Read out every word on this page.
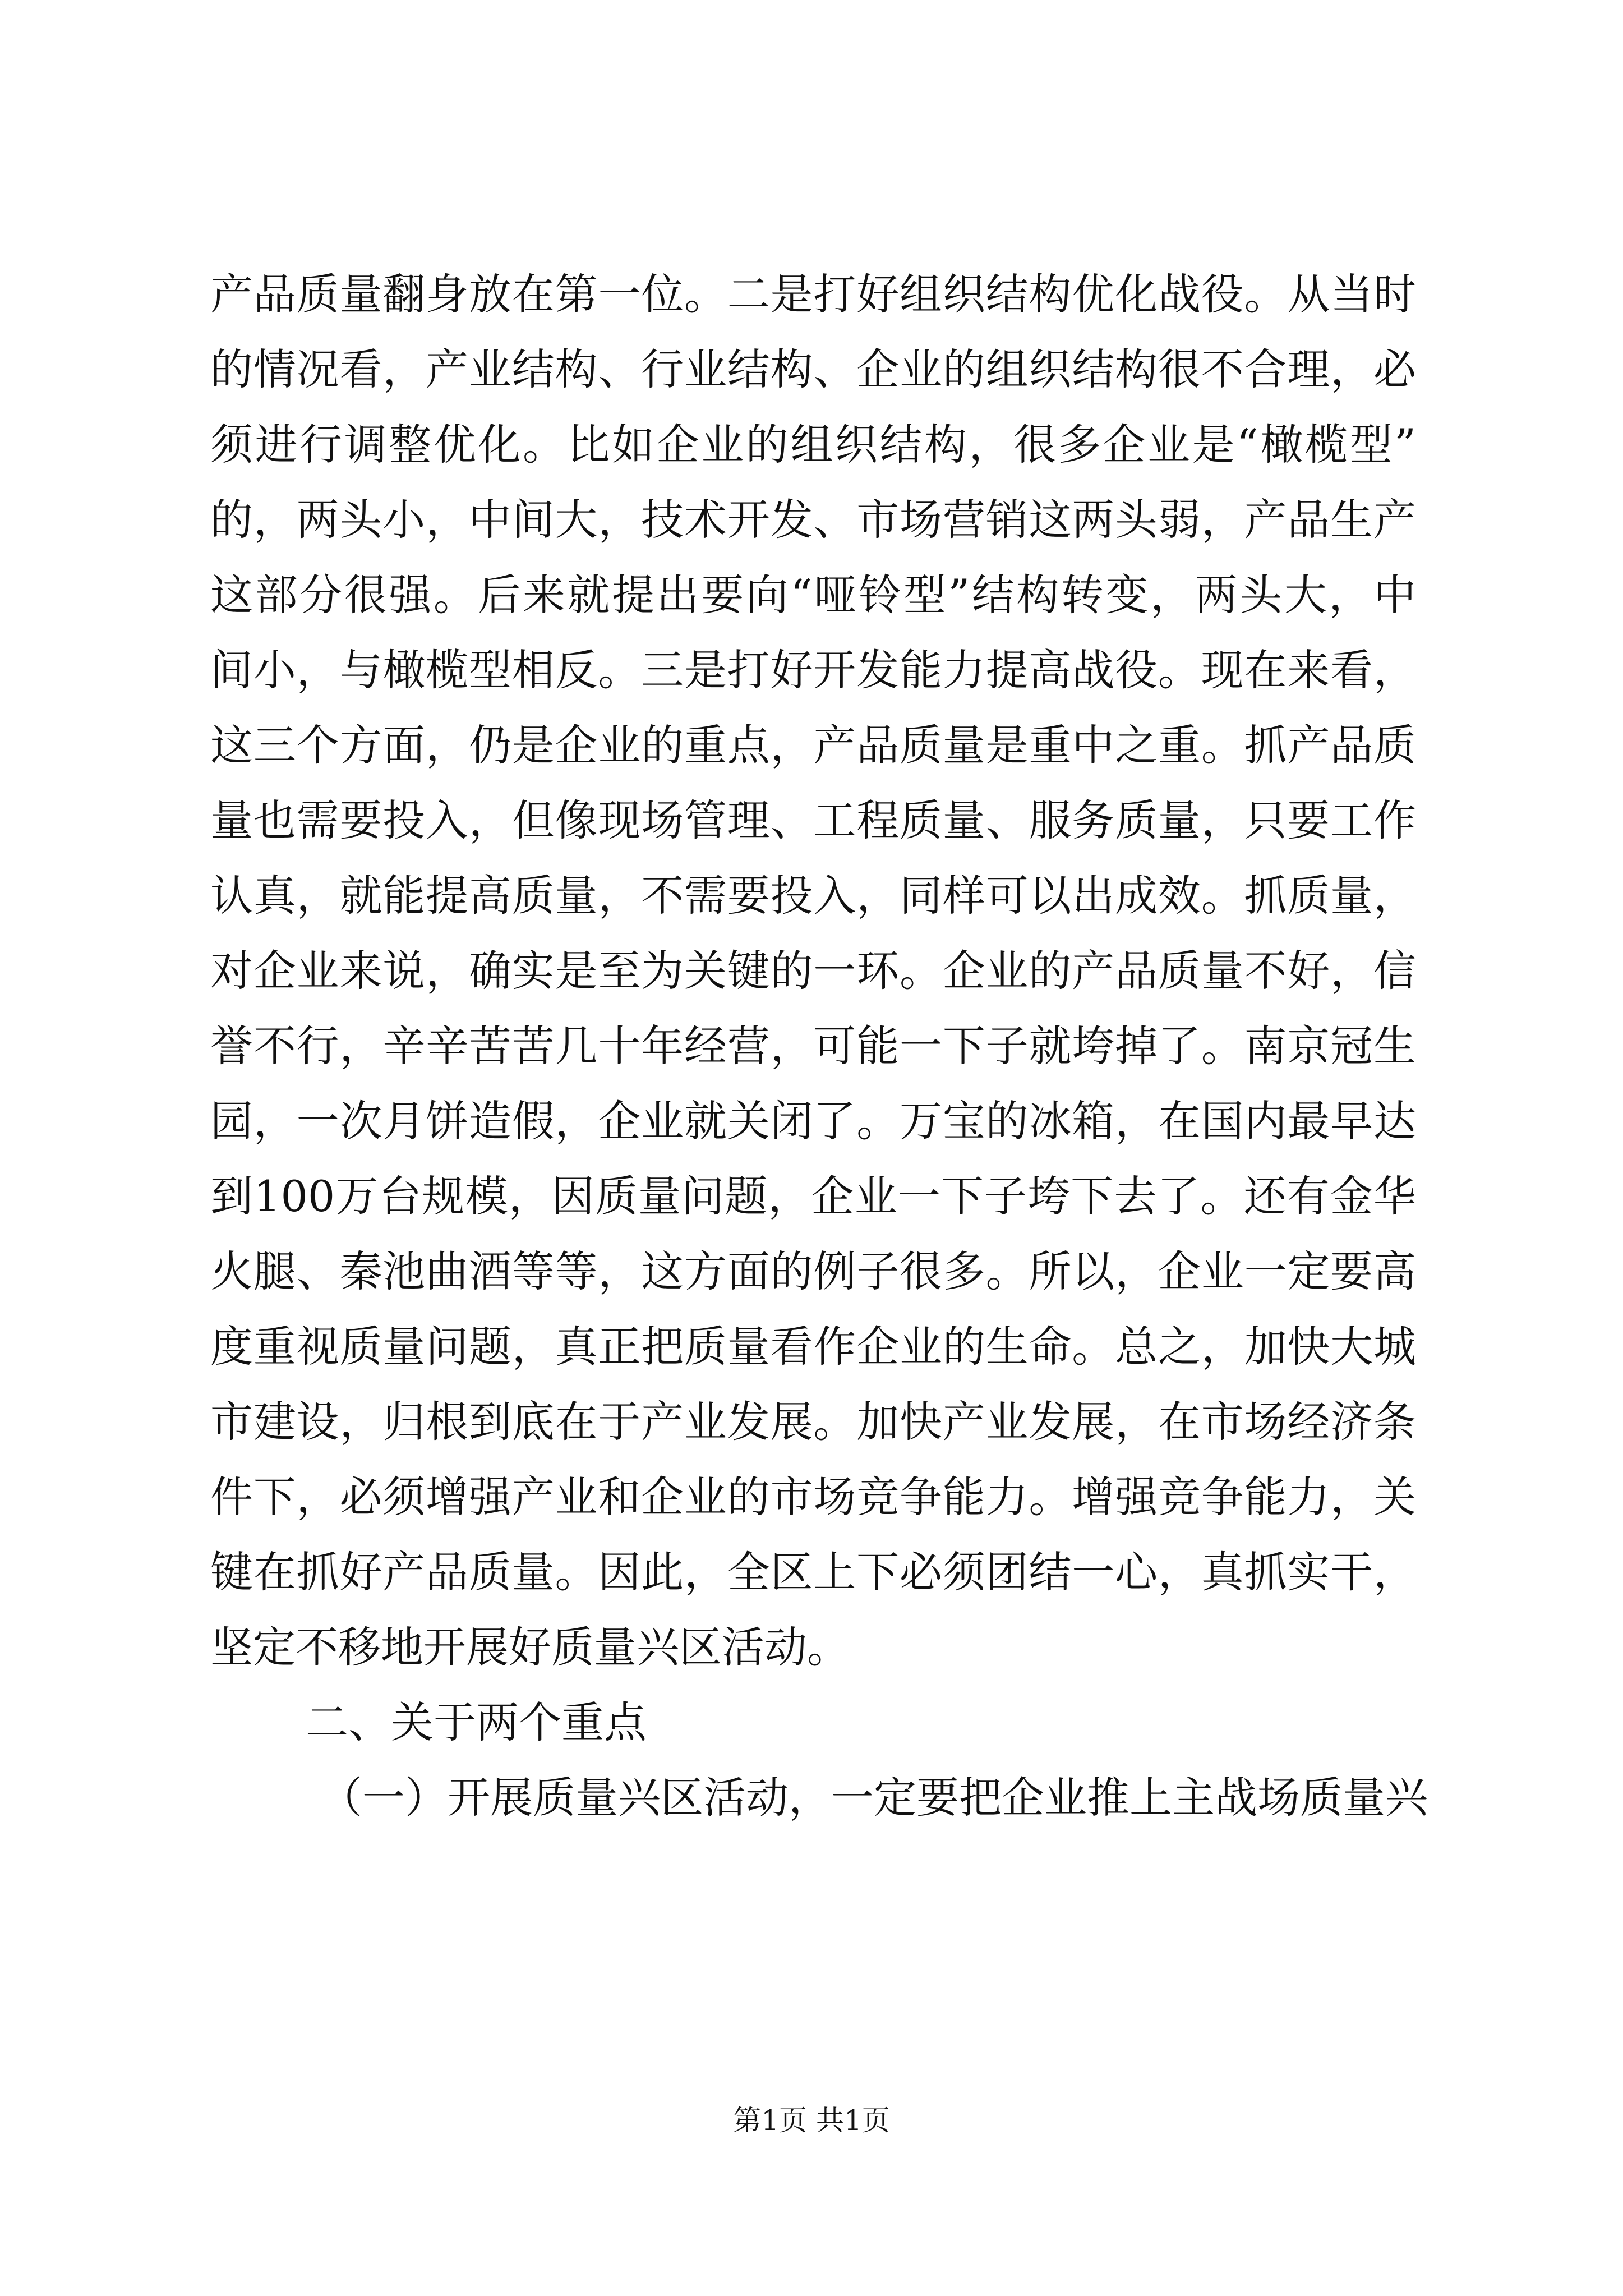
产品质量翻身放在第一位。二是打好组织结构优化战役。从当时
的情况看，产业结构、行业结构、企业的组织结构很不合理，必
须进行调整优化。比如企业的组织结构，很多企业是“橄榄型”
的，两头小，中间大，技术开发、市场营销这两头弱，产品生产
这部分很强。后来就提出要向“哑铃型”结构转变，两头大，中
间小，与橄榄型相反。三是打好开发能力提高战役。现在来看，
这三个方面，仍是企业的重点，产品质量是重中之重。抓产品质
量也需要投入，但像现场管理、工程质量、服务质量，只要工作
认真，就能提高质量，不需要投入，同样可以出成效。抓质量，
对企业来说，确实是至为关键的一环。企业的产品质量不好，信
誉不行，辛辛苦苦几十年经营，可能一下子就垮掉了。南京冠生
园，一次月饼造假，企业就关闭了。万宝的冰箱，在国内最早达
到100万台规模，因质量问题，企业一下子垮下去了。还有金华
火腿、秦池曲酒等等，这方面的例子很多。所以，企业一定要高
度重视质量问题，真正把质量看作企业的生命。总之，加快大城
市建设，归根到底在于产业发展。加快产业发展，在市场经济条
件下，必须增强产业和企业的市场竞争能力。增强竞争能力，关
键在抓好产品质量。因此，全区上下必须团结一心，真抓实干，
坚定不移地开展好质量兴区活动。
二、关于两个重点
（一）开展质量兴区活动，一定要把企业推上主战场质量兴
第1页 共1页
